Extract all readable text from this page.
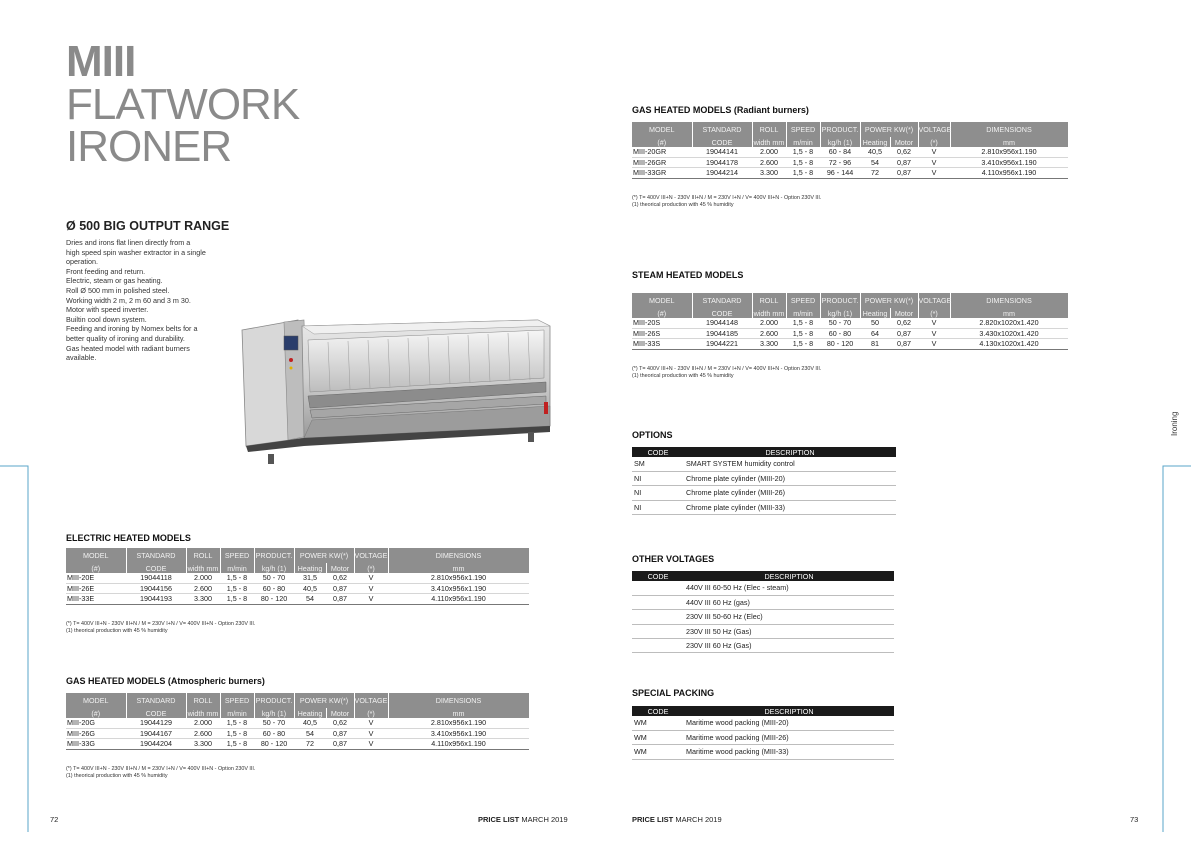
MIII
FLATWORK
IRONER
Ø 500 BIG OUTPUT RANGE
Dries and irons flat linen directly from a
high speed spin washer extractor in a single
operation.
Front feeding and return.
Electric, steam or gas heating.
Roll Ø 500 mm in polished steel.
Working width 2 m, 2 m 60 and 3 m 30.
Motor with speed inverter.
Builtin cool down system.
Feeding and ironing by Nomex belts for a
better quality of ironing and durability.
Gas heated model with radiant burners
available.
ELECTRIC HEATED MODELS
MODEL	STANDARD	ROLL	SPEED	PRODUCT.	POWER KW(*)		VOLTAGE	DIMENSIONS
(#)	CODE	width mm	m/min	kg/h (1)	Heating	Motor	(*)	mm
MIII-20E	19044118	2.000	1,5 - 8	50 - 70	31,5	0,62	V	2.810x956x1.190
MIII-26E	19044156	2.600	1,5 - 8	60 - 80	40,5	0,87	V	3.410x956x1.190
MIII-33E	19044193	3.300	1,5 - 8	80 - 120	54	0,87	V	4.110x956x1.190
(*) T= 400V III+N - 230V III+N / M = 230V I+N / V= 400V III+N - Option 230V III.
(1) theorical production with 45 % humidity
GAS HEATED MODELS (Atmospheric burners)
MODEL	STANDARD	ROLL	SPEED	PRODUCT.	POWER KW(*)		VOLTAGE	DIMENSIONS
(#)	CODE	width mm	m/min	kg/h (1)	Heating	Motor	(*)	mm
MIII-20G	19044129	2.000	1,5 - 8	50 - 70	40,5	0,62	V	2.810x956x1.190
MIII-26G	19044167	2.600	1,5 - 8	60 - 80	54	0,87	V	3.410x956x1.190
MIII-33G	19044204	3.300	1,5 - 8	80 - 120	72	0,87	V	4.110x956x1.190
(*) T= 400V III+N - 230V III+N / M = 230V I+N / V= 400V III+N - Option 230V III.
(1) theorical production with 45 % humidity
GAS HEATED MODELS (Radiant burners)
MODEL	STANDARD	ROLL	SPEED	PRODUCT.	POWER KW(*)		VOLTAGE	DIMENSIONS
(#)	CODE	width mm	m/min	kg/h (1)	Heating	Motor	(*)	mm
MIII-20GR	19044141	2.000	1,5 - 8	60 - 84	40,5	0,62	V	2.810x956x1.190
MIII-26GR	19044178	2.600	1,5 - 8	72 - 96	54	0,87	V	3.410x956x1.190
MIII-33GR	19044214	3.300	1,5 - 8	96 - 144	72	0,87	V	4.110x956x1.190
(*) T= 400V III+N - 230V III+N / M = 230V I+N / V= 400V III+N - Option 230V III.
(1) theorical production with 45 % humidity
STEAM HEATED MODELS
MODEL	STANDARD	ROLL	SPEED	PRODUCT.	POWER KW(*)		VOLTAGE	DIMENSIONS
(#)	CODE	width mm	m/min	kg/h (1)	Heating	Motor	(*)	mm
MIII-20S	19044148	2.000	1,5 - 8	50 - 70	50	0,62	V	2.820x1020x1.420
MIII-26S	19044185	2.600	1,5 - 8	60 - 80	64	0,87	V	3.430x1020x1.420
MIII-33S	19044221	3.300	1,5 - 8	80 - 120	81	0,87	V	4.130x1020x1.420
(*) T= 400V III+N - 230V III+N / M = 230V I+N / V= 400V III+N - Option 230V III.
(1) theorical production with 45 % humidity
OPTIONS
CODE	DESCRIPTION
SM	SMART SYSTEM humidity control
NI	Chrome plate cylinder (MIII-20)
NI	Chrome plate cylinder (MIII-26)
NI	Chrome plate cylinder (MIII-33)
OTHER VOLTAGES
CODE	DESCRIPTION
	440V III 60-50 Hz (Elec - steam)
	440V III 60 Hz (gas)
	230V III 50-60 Hz (Elec)
	230V III 50 Hz (Gas)
	230V III 60 Hz (Gas)
SPECIAL PACKING
CODE	DESCRIPTION
WM	Maritime wood packing (MIII-20)
WM	Maritime wood packing (MIII-26)
WM	Maritime wood packing (MIII-33)
Ironing
72	PRICE LIST MARCH 2019	PRICE LIST MARCH 2019	73
